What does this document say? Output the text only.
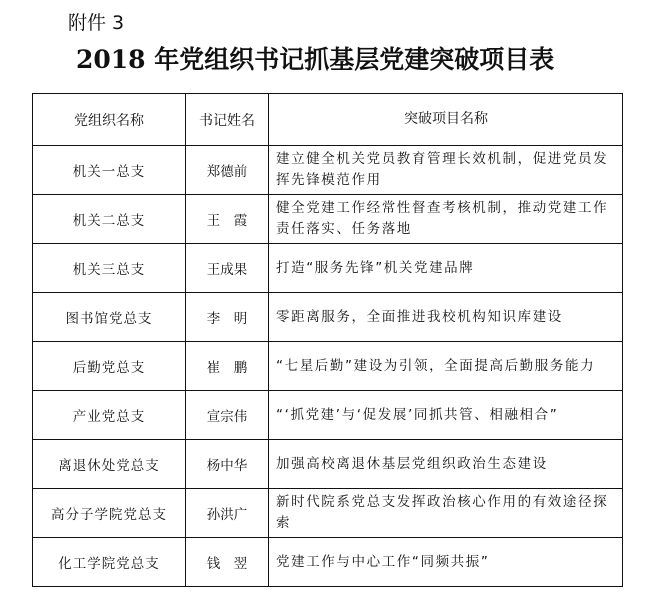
附件 3
2018 年党组织书记抓基层党建突破项目表
党组织名称	书记姓名	突破项目名称
机关一总支	郑德前	建立健全机关党员教育管理长效机制，促进党员发挥先锋模范作用
机关二总支	王　霞	健全党建工作经常性督查考核机制，推动党建工作责任落实、任务落地
机关三总支	王成果	打造“服务先锋”机关党建品牌
图书馆党总支	李　明	零距离服务，全面推进我校机构知识库建设
后勤党总支	崔　鹏	“七星后勤”建设为引领，全面提高后勤服务能力
产业党总支	宣宗伟	“‘抓党建’与‘促发展’同抓共管、相融相合”
离退休处党总支	杨中华	加强高校离退休基层党组织政治生态建设
高分子学院党总支	孙洪广	新时代院系党总支发挥政治核心作用的有效途径探索
化工学院党总支	钱　翌	党建工作与中心工作“同频共振”
